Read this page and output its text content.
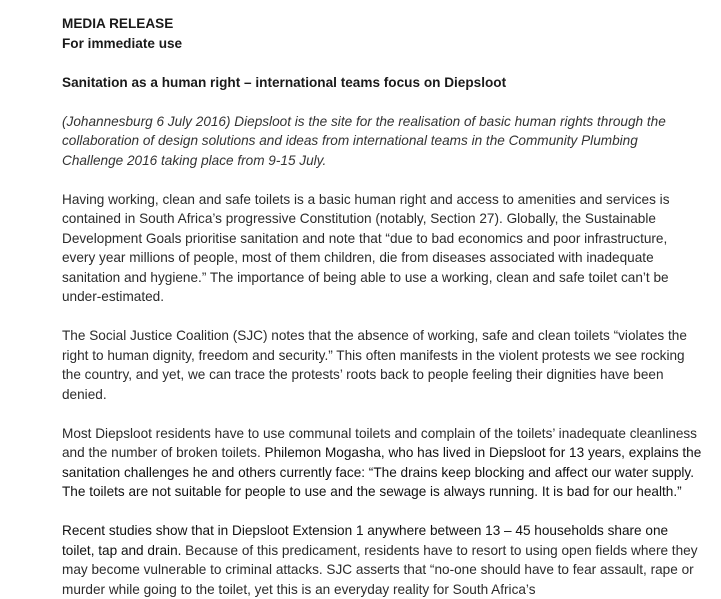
MEDIA RELEASE
For immediate use
Sanitation as a human right – international teams focus on Diepsloot

(Johannesburg 6 July 2016) Diepsloot is the site for the realisation of basic human rights through the collaboration of design solutions and ideas from international teams in the Community Plumbing Challenge 2016 taking place from 9-15 July.

Having working, clean and safe toilets is a basic human right and access to amenities and services is contained in South Africa’s progressive Constitution (notably, Section 27). Globally, the Sustainable Development Goals prioritise sanitation and note that “due to bad economics and poor infrastructure, every year millions of people, most of them children, die from diseases associated with inadequate sanitation and hygiene.” The importance of being able to use a working, clean and safe toilet can’t be under-estimated.

The Social Justice Coalition (SJC) notes that the absence of working, safe and clean toilets “violates the right to human dignity, freedom and security.” This often manifests in the violent protests we see rocking the country, and yet, we can trace the protests’ roots back to people feeling their dignities have been denied.

Most Diepsloot residents have to use communal toilets and complain of the toilets’ inadequate cleanliness and the number of broken toilets. Philemon Mogasha, who has lived in Diepsloot for 13 years, explains the sanitation challenges he and others currently face: “The drains keep blocking and affect our water supply. The toilets are not suitable for people to use and the sewage is always running. It is bad for our health.”

Recent studies show that in Diepsloot Extension 1 anywhere between 13 – 45 households share one toilet, tap and drain. Because of this predicament, residents have to resort to using open fields where they may become vulnerable to criminal attacks. SJC asserts that “no-one should have to fear assault, rape or murder while going to the toilet, yet this is an everyday reality for South Africa’s
